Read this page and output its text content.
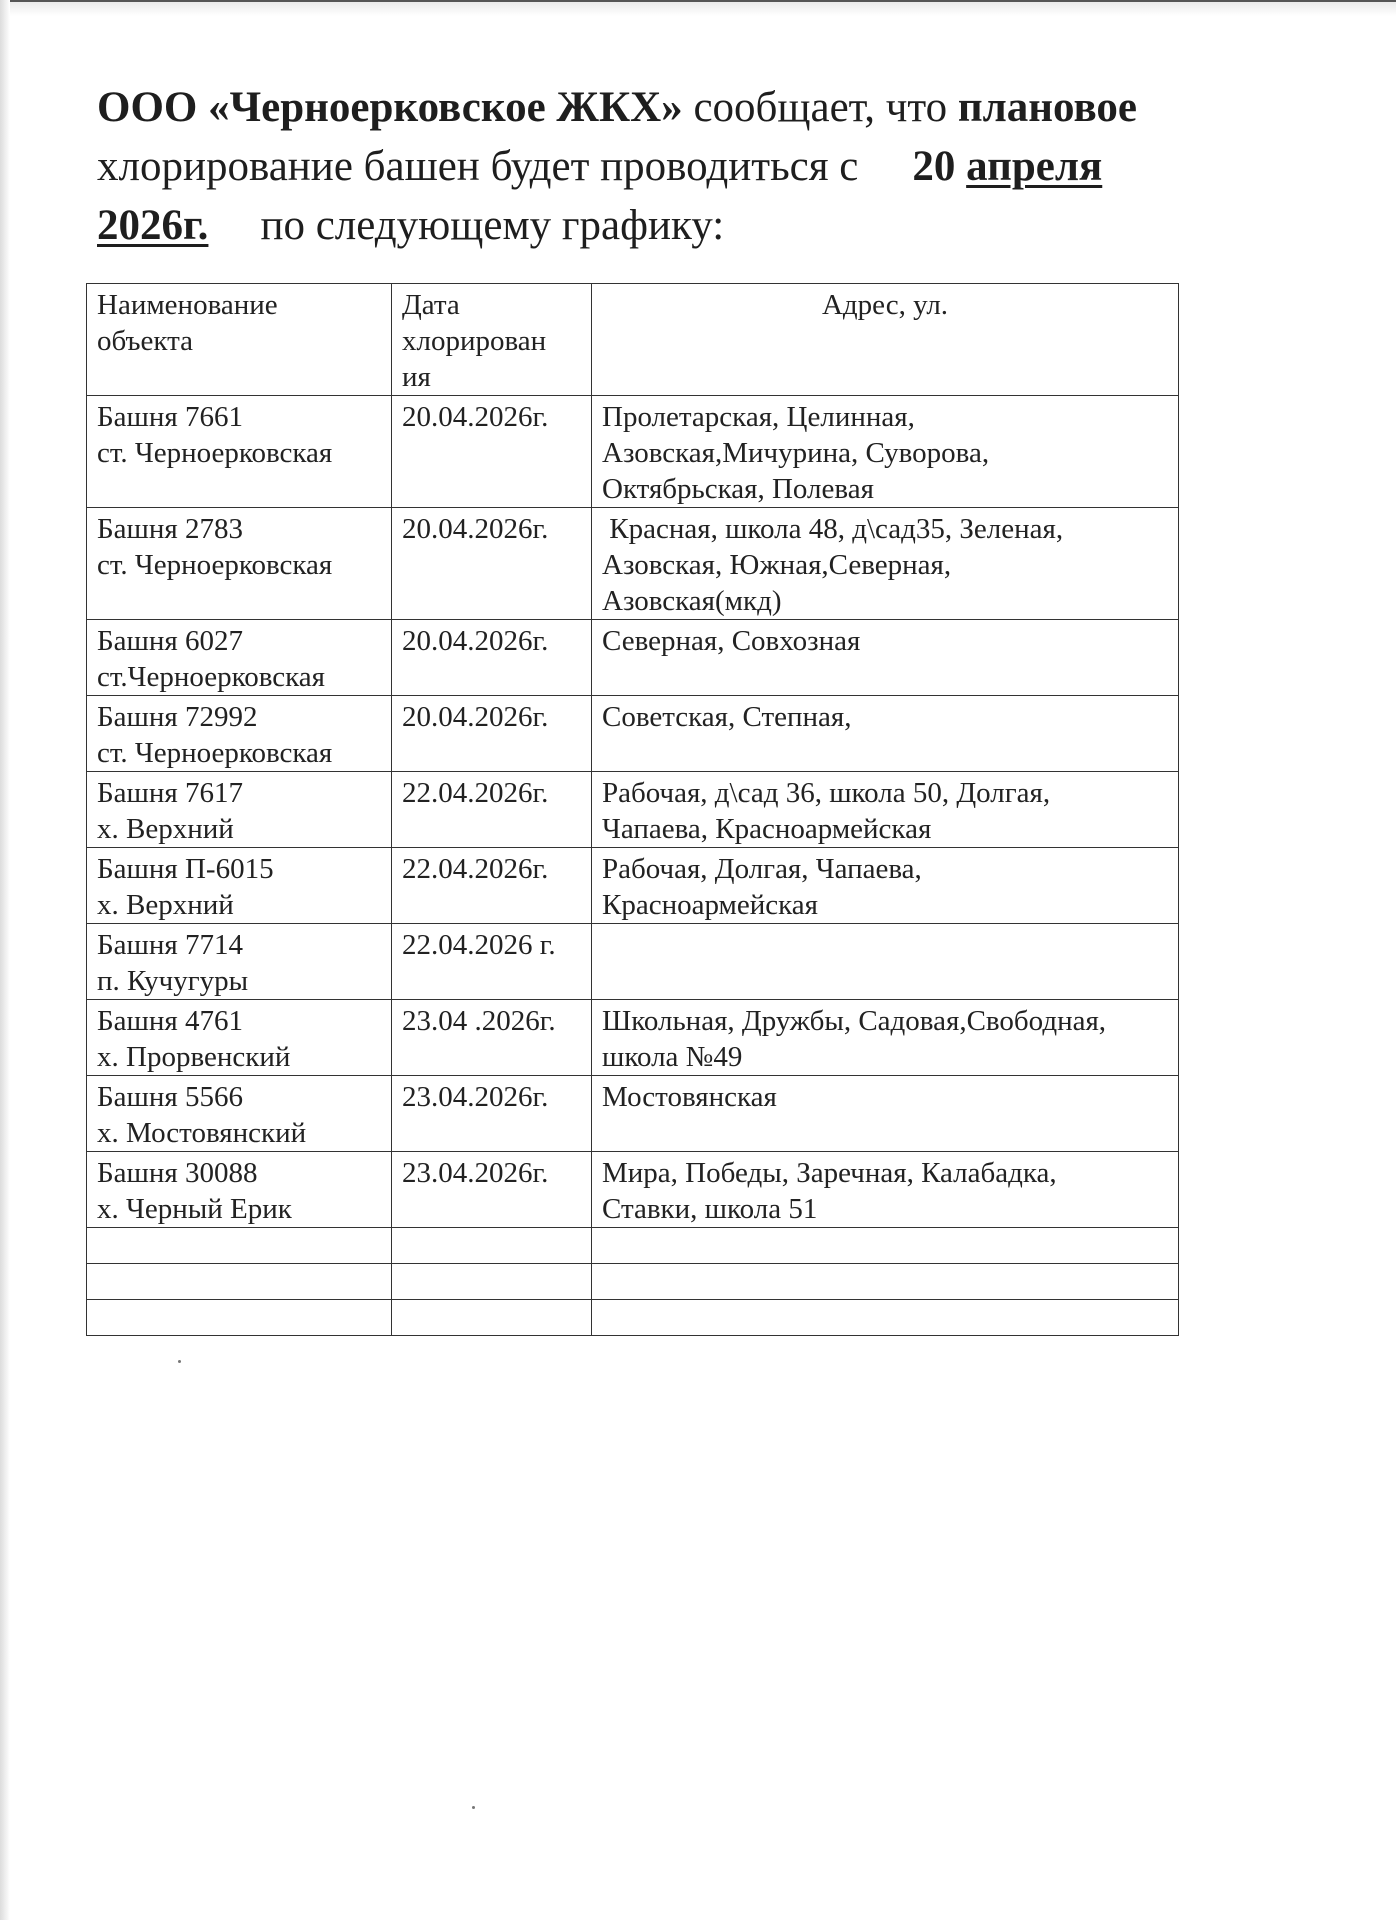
ООО «Черноерковское ЖКХ» сообщает, что плановое
хлорирование башен будет проводиться с 20 апреля
2026г. по следующему графику:
Наименование
объекта	Дата
хлорирован
ия	Адрес, ул.

Башня 7661
ст. Черноерковская	20.04.2026г.	Пролетарская, Целинная,
Азовская,Мичурина, Суворова,
Октябрьская, Полевая

Башня 2783
ст. Черноерковская	20.04.2026г.	Красная, школа 48, д\сад35, Зеленая,
Азовская, Южная,Северная,
Азовская(мкд)

Башня 6027
ст.Черноерковская	20.04.2026г.	Северная, Совхозная

Башня 72992
ст. Черноерковская	20.04.2026г.	Советская, Степная,

Башня 7617
х. Верхний	22.04.2026г.	Рабочая, д\сад 36, школа 50, Долгая,
Чапаева, Красноармейская

Башня П-6015
х. Верхний	22.04.2026г.	Рабочая, Долгая, Чапаева,
Красноармейская

Башня 7714
п. Кучугуры	22.04.2026 г.	

Башня 4761
х. Прорвенский	23.04 .2026г.	Школьная, Дружбы, Садовая,Свободная,
школа №49

Башня 5566
х. Мостовянский	23.04.2026г.	Мостовянская

Башня 30088
х. Черный Ерик	23.04.2026г.	Мира, Победы, Заречная, Калабадка,
Ставки, школа 51
